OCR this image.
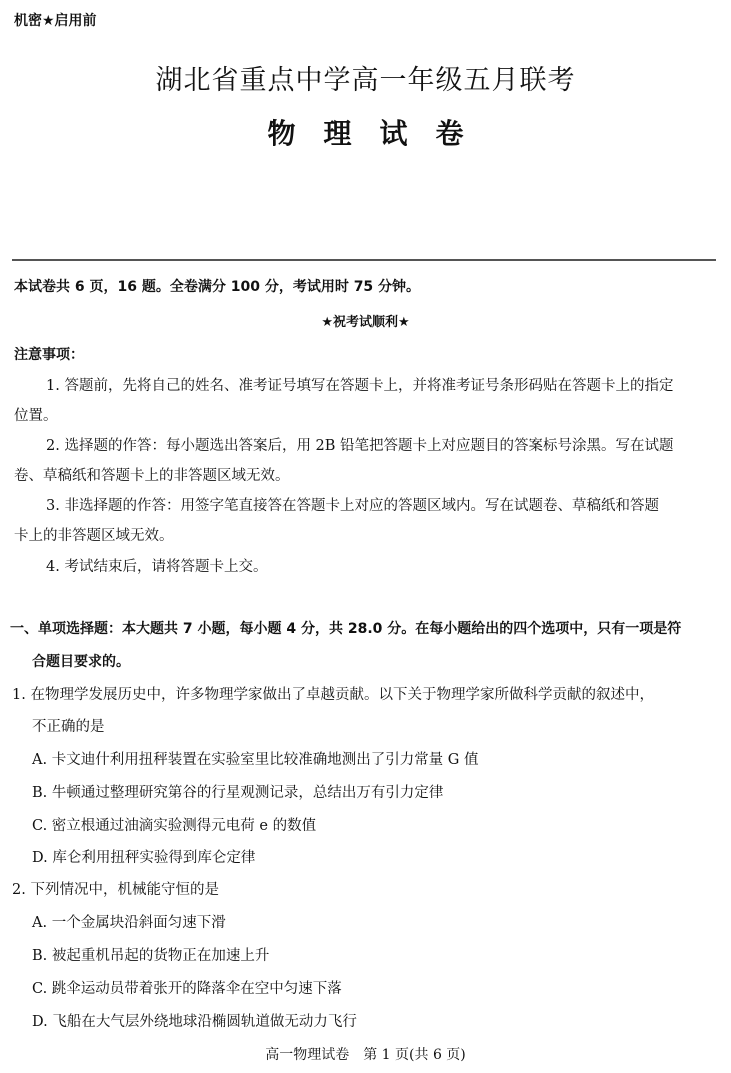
机密★启用前
湖北省重点中学高一年级五月联考
物理试卷
本试卷共 6 页，16 题。全卷满分 100 分，考试用时 75 分钟。
★祝考试顺利★
注意事项：
1. 答题前，先将自己的姓名、准考证号填写在答题卡上，并将准考证号条形码贴在答题卡上的指定
位置。
2. 选择题的作答：每小题选出答案后，用 2B 铅笔把答题卡上对应题目的答案标号涂黑。写在试题
卷、草稿纸和答题卡上的非答题区域无效。
3. 非选择题的作答：用签字笔直接答在答题卡上对应的答题区域内。写在试题卷、草稿纸和答题
卡上的非答题区域无效。
4. 考试结束后，请将答题卡上交。
一、单项选择题：本大题共 7 小题，每小题 4 分，共 28.0 分。在每小题给出的四个选项中，只有一项是符
合题目要求的。
1. 在物理学发展历史中，许多物理学家做出了卓越贡献。以下关于物理学家所做科学贡献的叙述中，
不正确的是
A. 卡文迪什利用扭秤装置在实验室里比较准确地测出了引力常量 G 值
B. 牛顿通过整理研究第谷的行星观测记录，总结出万有引力定律
C. 密立根通过油滴实验测得元电荷 e 的数值
D. 库仑利用扭秤实验得到库仑定律
2. 下列情况中，机械能守恒的是
A. 一个金属块沿斜面匀速下滑
B. 被起重机吊起的货物正在加速上升
C. 跳伞运动员带着张开的降落伞在空中匀速下落
D. 飞船在大气层外绕地球沿椭圆轨道做无动力飞行
高一物理试卷　第 1 页(共 6 页)
